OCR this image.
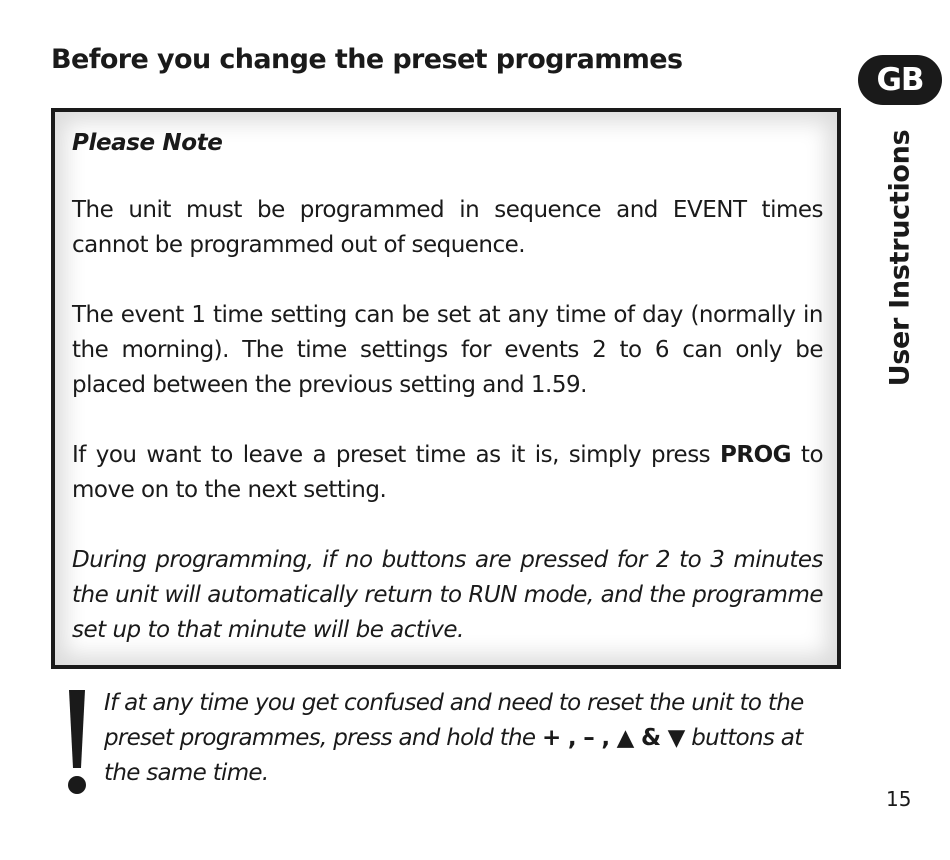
Before you change the preset programmes
GB
User Instructions
Please Note

The unit must be programmed in sequence and EVENT times cannot be programmed out of sequence.

The event 1 time setting can be set at any time of day (normally in the morning). The time settings for events 2 to 6 can only be placed between the previous setting and 1.59.

If you want to leave a preset time as it is, simply press PROG to move on to the next setting.

During programming, if no buttons are pressed for 2 to 3 minutes the unit will automatically return to RUN mode, and the programme set up to that minute will be active.

If at any time you get confused and need to reset the unit to the preset programmes, press and hold the + , – , ▲ & ▼ buttons at the same time.

15
